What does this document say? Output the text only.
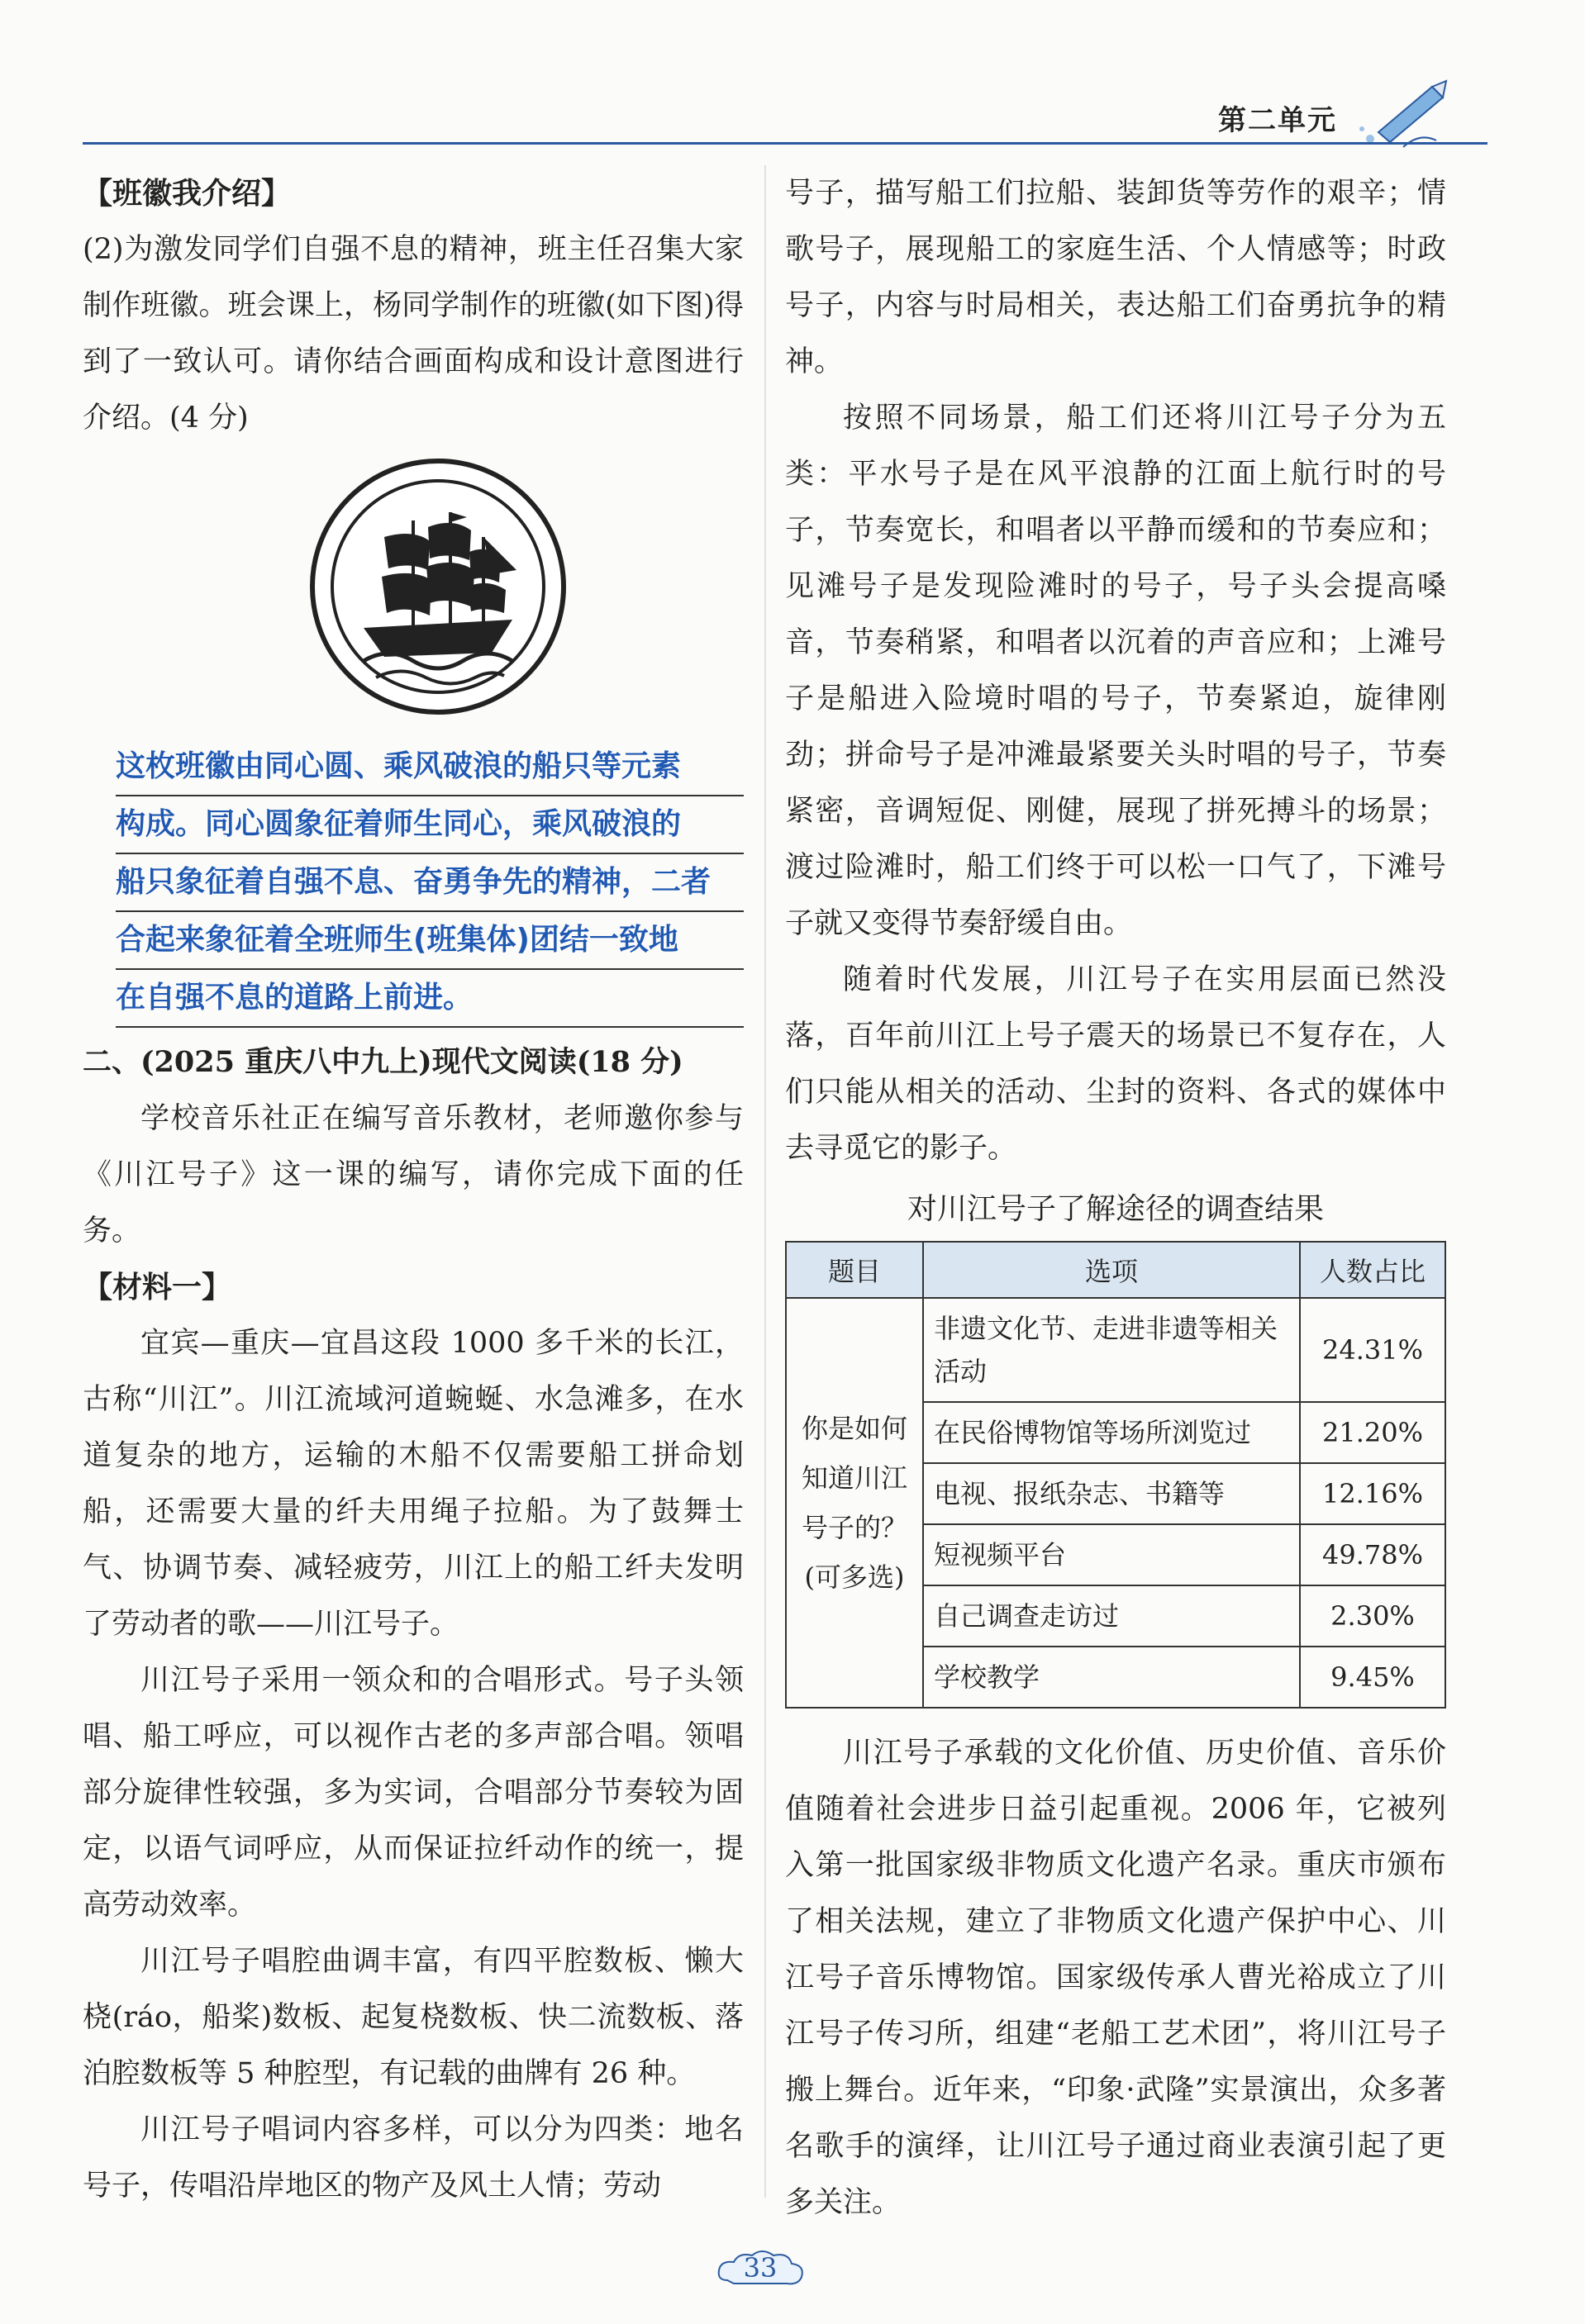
第二单元

【班徽我介绍】

(2)为激发同学们自强不息的精神，班主任召集大家制作班徽。班会课上，杨同学制作的班徽(如下图)得到了一致认可。请你结合画面构成和设计意图进行介绍。(4 分)

这枚班徽由同心圆、乘风破浪的船只等元素
构成。同心圆象征着师生同心，乘风破浪的
船只象征着自强不息、奋勇争先的精神，二者
合起来象征着全班师生(班集体)团结一致地
在自强不息的道路上前进。

二、(2025 重庆八中九上)现代文阅读(18 分)

学校音乐社正在编写音乐教材，老师邀你参与《川江号子》这一课的编写，请你完成下面的任务。

【材料一】

宜宾—重庆—宜昌这段 1000 多千米的长江，古称“川江”。川江流域河道蜿蜒、水急滩多，在水道复杂的地方，运输的木船不仅需要船工拼命划船，还需要大量的纤夫用绳子拉船。为了鼓舞士气、协调节奏、减轻疲劳，川江上的船工纤夫发明了劳动者的歌——川江号子。

川江号子采用一领众和的合唱形式。号子头领唱、船工呼应，可以视作古老的多声部合唱。领唱部分旋律性较强，多为实词，合唱部分节奏较为固定，以语气词呼应，从而保证拉纤动作的统一，提高劳动效率。

川江号子唱腔曲调丰富，有四平腔数板、懒大桡(ráo，船桨)数板、起复桡数板、快二流数板、落泊腔数板等 5 种腔型，有记载的曲牌有 26 种。

川江号子唱词内容多样，可以分为四类：地名号子，传唱沿岸地区的物产及风土人情；劳动

号子，描写船工们拉船、装卸货等劳作的艰辛；情歌号子，展现船工的家庭生活、个人情感等；时政号子，内容与时局相关，表达船工们奋勇抗争的精神。

按照不同场景，船工们还将川江号子分为五类：平水号子是在风平浪静的江面上航行时的号子，节奏宽长，和唱者以平静而缓和的节奏应和；见滩号子是发现险滩时的号子，号子头会提高嗓音，节奏稍紧，和唱者以沉着的声音应和；上滩号子是船进入险境时唱的号子，节奏紧迫，旋律刚劲；拼命号子是冲滩最紧要关头时唱的号子，节奏紧密，音调短促、刚健，展现了拼死搏斗的场景；渡过险滩时，船工们终于可以松一口气了，下滩号子就又变得节奏舒缓自由。

随着时代发展，川江号子在实用层面已然没落，百年前川江上号子震天的场景已不复存在，人们只能从相关的活动、尘封的资料、各式的媒体中去寻觅它的影子。

对川江号子了解途径的调查结果
题目	选项	人数占比
你是如何知道川江号子的？(可多选)	非遗文化节、走进非遗等相关活动	24.31%
	在民俗博物馆等场所浏览过	21.20%
	电视、报纸杂志、书籍等	12.16%
	短视频平台	49.78%
	自己调查走访过	2.30%
	学校教学	9.45%

川江号子承载的文化价值、历史价值、音乐价值随着社会进步日益引起重视。2006 年，它被列入第一批国家级非物质文化遗产名录。重庆市颁布了相关法规，建立了非物质文化遗产保护中心、川江号子音乐博物馆。国家级传承人曹光裕成立了川江号子传习所，组建“老船工艺术团”，将川江号子搬上舞台。近年来，“印象·武隆”实景演出，众多著名歌手的演绎，让川江号子通过商业表演引起了更多关注。

33
